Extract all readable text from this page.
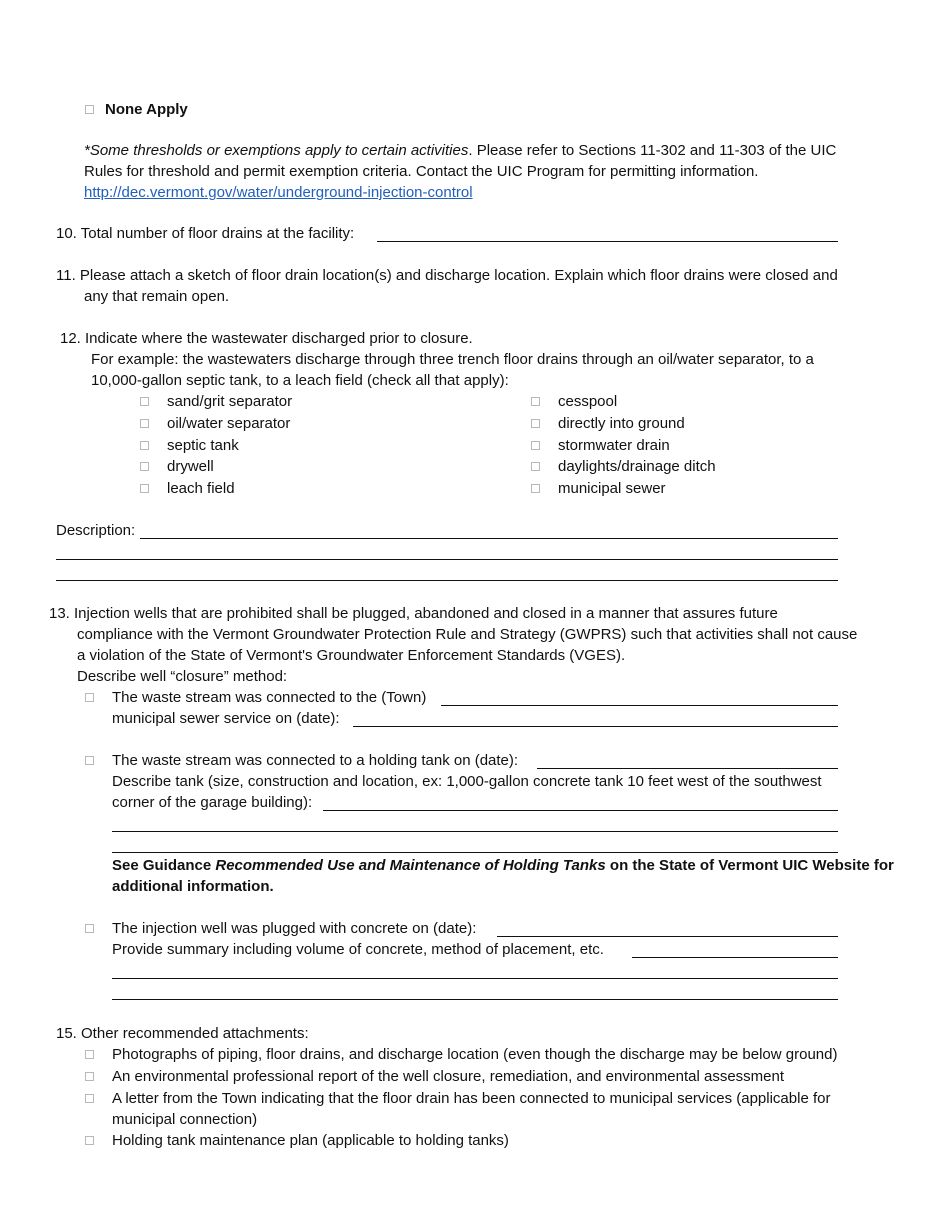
None Apply
*Some thresholds or exemptions apply to certain activities. Please refer to Sections 11-302 and 11-303 of the UIC
Rules for threshold and permit exemption criteria. Contact the UIC Program for permitting information.
http://dec.vermont.gov/water/underground-injection-control
10. Total number of floor drains at the facility:
11. Please attach a sketch of floor drain location(s) and discharge location. Explain which floor drains were closed and
any that remain open.
12. Indicate where the wastewater discharged prior to closure.
For example: the wastewaters discharge through three trench floor drains through an oil/water separator, to a
10,000-gallon septic tank, to a leach field (check all that apply):
sand/grit separator
oil/water separator
septic tank
drywell
leach field
cesspool
directly into ground
stormwater drain
daylights/drainage ditch
municipal sewer
Description:
13. Injection wells that are prohibited shall be plugged, abandoned and closed in a manner that assures future
compliance with the Vermont Groundwater Protection Rule and Strategy (GWPRS) such that activities shall not cause
a violation of the State of Vermont's Groundwater Enforcement Standards (VGES).
Describe well “closure” method:
The waste stream was connected to the (Town)
municipal sewer service on (date):
The waste stream was connected to a holding tank on (date):
Describe tank (size, construction and location, ex: 1,000-gallon concrete tank 10 feet west of the southwest
corner of the garage building):
See Guidance Recommended Use and Maintenance of Holding Tanks on the State of Vermont UIC Website for
additional information.
The injection well was plugged with concrete on (date):
Provide summary including volume of concrete, method of placement, etc.
15. Other recommended attachments:
Photographs of piping, floor drains, and discharge location (even though the discharge may be below ground)
An environmental professional report of the well closure, remediation, and environmental assessment
A letter from the Town indicating that the floor drain has been connected to municipal services (applicable for
municipal connection)
Holding tank maintenance plan (applicable to holding tanks)
